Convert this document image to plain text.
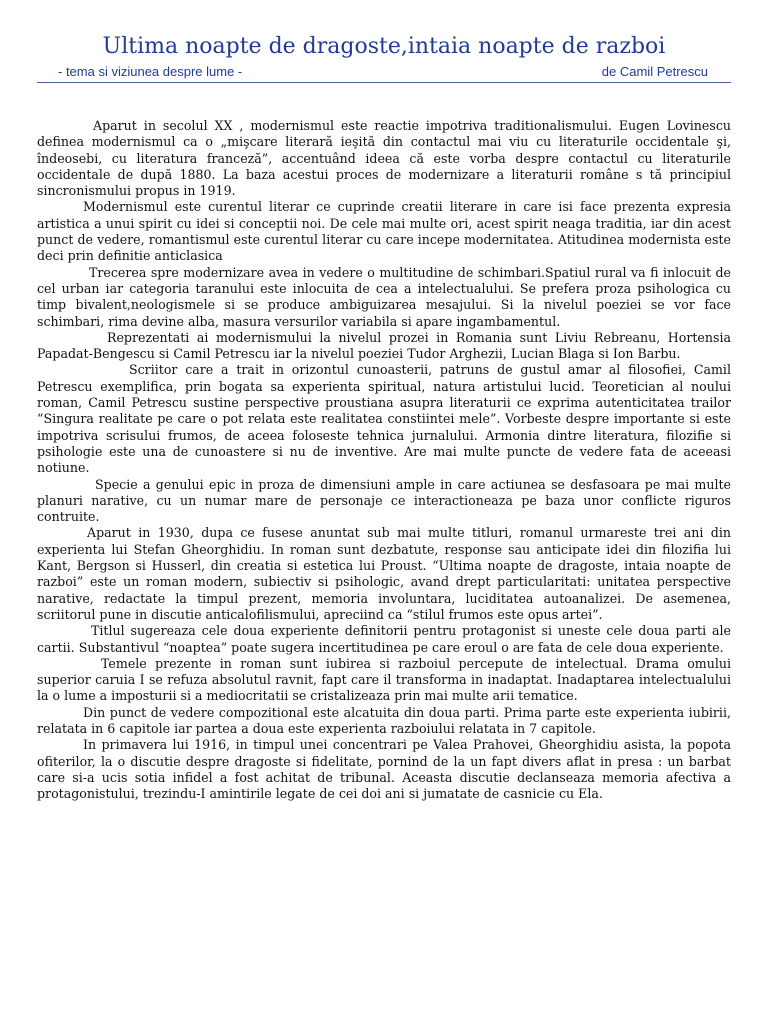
Ultima noapte de dragoste,intaia noapte de razboi
- tema si viziunea despre lume -	de Camil Petrescu

Aparut in secolul XX , modernismul este reactie impotriva traditionalismului. Eugen Lovinescu definea modernismul ca o „mişcare literară ieşită din contactul mai viu cu literaturile occidentale şi, îndeosebi, cu literatura franceză”, accentuând ideea că este vorba despre contactul cu literaturile occidentale de după 1880. La baza acestui proces de modernizare a literaturii române s tă principiul sincronismului propus in 1919.

Modernismul este curentul literar ce cuprinde creatii literare in care isi face prezenta expresia artistica a unui spirit cu idei si conceptii noi. De cele mai multe ori, acest spirit neaga traditia, iar din acest punct de vedere, romantismul este curentul literar cu care incepe modernitatea. Atitudinea modernista este deci prin definitie anticlasica

Trecerea spre modernizare avea in vedere o multitudine de schimbari.Spatiul rural va fi inlocuit de cel urban iar categoria taranului este inlocuita de cea a intelectualului. Se prefera proza psihologica cu timp bivalent,neologismele si se produce ambiguizarea mesajului. Si la nivelul poeziei se vor face schimbari, rima devine alba, masura versurilor variabila si apare ingambamentul.

Reprezentati ai modernismului la nivelul prozei in Romania sunt Liviu Rebreanu, Hortensia Papadat-Bengescu si Camil Petrescu iar la nivelul poeziei Tudor Arghezii, Lucian Blaga si Ion Barbu.

Scriitor care a trait in orizontul cunoasterii, patruns de gustul amar al filosofiei, Camil Petrescu exemplifica, prin bogata sa experienta spiritual, natura artistului lucid. Teoretician al noului roman, Camil Petrescu sustine perspective proustiana asupra literaturii ce exprima autenticitatea trailor “Singura realitate pe care o pot relata este realitatea constiintei mele”. Vorbeste despre importante si este impotriva scrisului frumos, de aceea foloseste tehnica jurnalului. Armonia dintre literatura, filozifie si psihologie este una de cunoastere si nu de inventive. Are mai multe puncte de vedere fata de aceeasi notiune.

Specie a genului epic in proza de dimensiuni ample in care actiunea se desfasoara pe mai multe planuri narative, cu un numar mare de personaje ce interactioneaza pe baza unor conflicte riguros contruite.

Aparut in 1930, dupa ce fusese anuntat sub mai multe titluri, romanul urmareste trei ani din experienta lui Stefan Gheorghidiu. In roman sunt dezbatute, response sau anticipate idei din filozifia lui Kant, Bergson si Husserl, din creatia si estetica lui Proust. “Ultima noapte de dragoste, intaia noapte de razboi” este un roman modern, subiectiv si psihologic, avand drept particularitati: unitatea perspective narative, redactate la timpul prezent, memoria involuntara, luciditatea autoanalizei. De asemenea, scriitorul pune in discutie anticalofilismului, apreciind ca “stilul frumos este opus artei”.

Titlul sugereaza cele doua experiente definitorii pentru protagonist si uneste cele doua parti ale cartii. Substantivul “noaptea” poate sugera incertitudinea pe care eroul o are fata de cele doua experiente.

Temele prezente in roman sunt iubirea si razboiul percepute de intelectual. Drama omului superior caruia I se refuza absolutul ravnit, fapt care il transforma in inadaptat. Inadaptarea intelectualului la o lume a imposturii si a mediocritatii se cristalizeaza prin mai multe arii tematice.

Din punct de vedere compozitional este alcatuita din doua parti. Prima parte este experienta iubirii, relatata in 6 capitole iar partea a doua este experienta razboiului relatata in 7 capitole.

In primavera lui 1916, in timpul unei concentrari pe Valea Prahovei, Gheorghidiu asista, la popota ofiterilor, la o discutie despre dragoste si fidelitate, pornind de la un fapt divers aflat in presa : un barbat care si-a ucis sotia infidel a fost achitat de tribunal. Aceasta discutie declanseaza memoria afectiva a protagonistului, trezindu-I amintirile legate de cei doi ani si jumatate de casnicie cu Ela.
